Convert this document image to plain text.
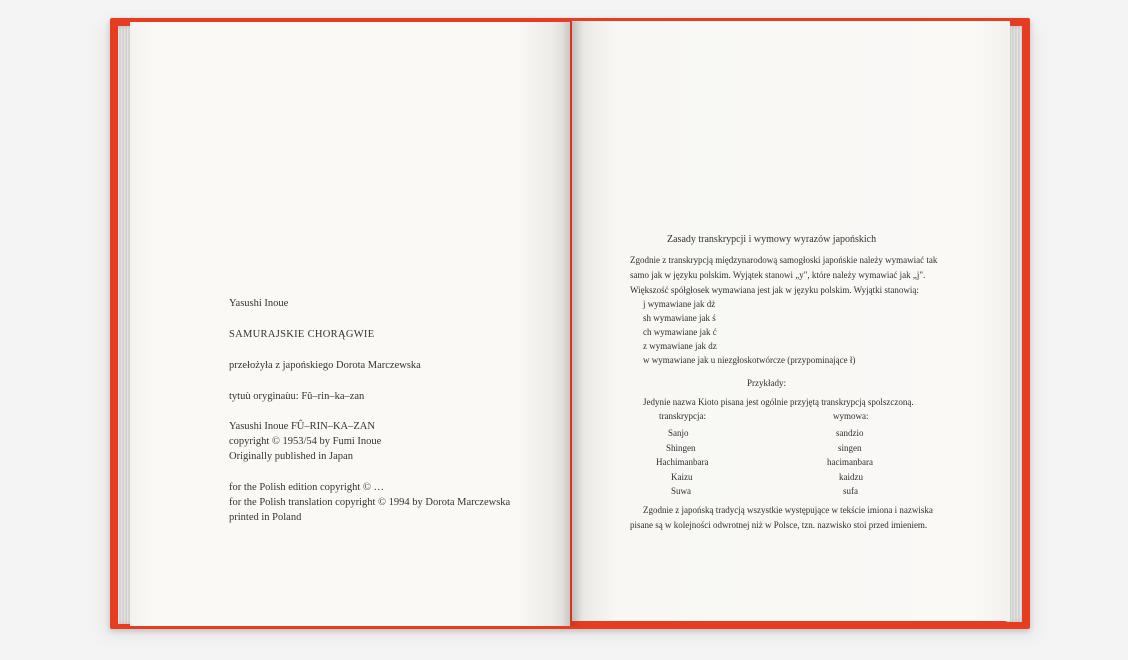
Yasushi Inoue
SAMURAJSKIE CHORĄGWIE
przełożyła z japońskiego Dorota Marczewska
tytuù oryginaùu: Fû–rin–ka–zan
Yasushi Inoue FÛ–RIN–KA–ZAN
copyright © 1953/54 by Fumi Inoue
Originally published in Japan
for the Polish edition copyright © …
for the Polish translation copyright © 1994 by Dorota Marczewska
printed in Poland
Zasady transkrypcji i wymowy wyrazów japońskich
Zgodnie z transkrypcją międzynarodową samogłoski japońskie należy wymawiać tak
samo jak w języku polskim. Wyjątek stanowi „y", które należy wymawiać jak „j".
Większość spółgłosek wymawiana jest jak w języku polskim. Wyjątki stanowią:
j wymawiane jak dż
sh wymawiane jak ś
ch wymawiane jak ć
z wymawiane jak dz
w wymawiane jak u niezgłoskotwórcze (przypominające ł)
Przykłady:
Jedynie nazwa Kioto pisana jest ogólnie przyjętą transkrypcją spolszczoną.
transkrypcja:	wymowa:
Sanjo	sandzio
Shingen	singen
Hachimanbara	hacimanbara
Kaizu	kaidzu
Suwa	sufa
Zgodnie z japońską tradycją wszystkie występujące w tekście imiona i nazwiska
pisane są w kolejności odwrotnej niż w Polsce, tzn. nazwisko stoi przed imieniem.
